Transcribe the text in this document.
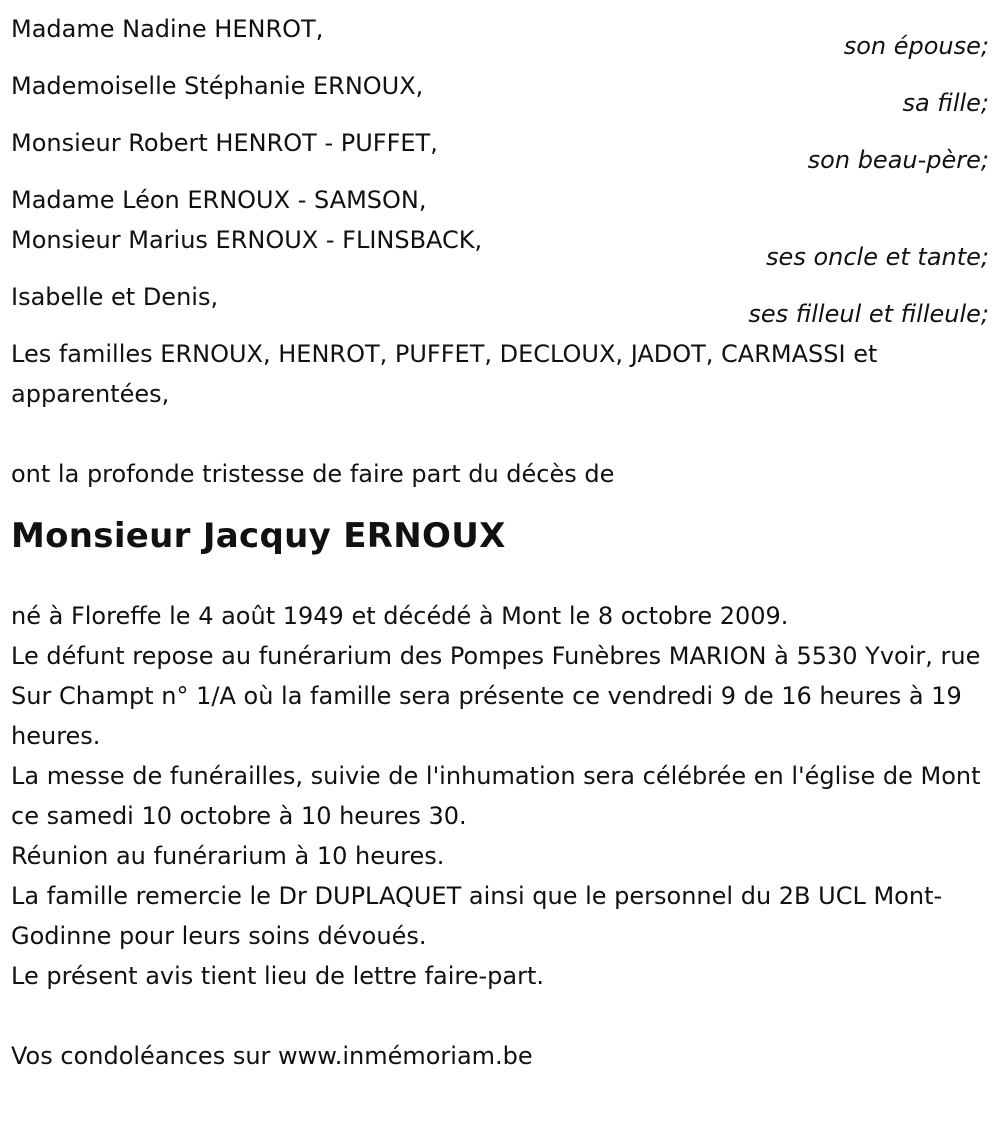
Madame Nadine HENROT,
son épouse;
Mademoiselle Stéphanie ERNOUX,
sa fille;
Monsieur Robert HENROT - PUFFET,
son beau-père;
Madame Léon ERNOUX - SAMSON,
Monsieur Marius ERNOUX - FLINSBACK,
ses oncle et tante;
Isabelle et Denis,
ses filleul et filleule;
Les familles ERNOUX, HENROT, PUFFET, DECLOUX, JADOT, CARMASSI et apparentées,
ont la profonde tristesse de faire part du décès de
Monsieur Jacquy ERNOUX
né à Floreffe le 4 août 1949 et décédé à Mont le 8 octobre 2009.
Le défunt repose au funérarium des Pompes Funèbres MARION à 5530 Yvoir, rue Sur Champt n° 1/A où la famille sera présente ce vendredi 9 de 16 heures à 19 heures.
La messe de funérailles, suivie de l'inhumation sera célébrée en l'église de Mont ce samedi 10 octobre à 10 heures 30.
Réunion au funérarium à 10 heures.
La famille remercie le Dr DUPLAQUET ainsi que le personnel du 2B UCL Mont-Godinne pour leurs soins dévoués.
Le présent avis tient lieu de lettre faire-part.
Vos condoléances sur www.inmémoriam.be
